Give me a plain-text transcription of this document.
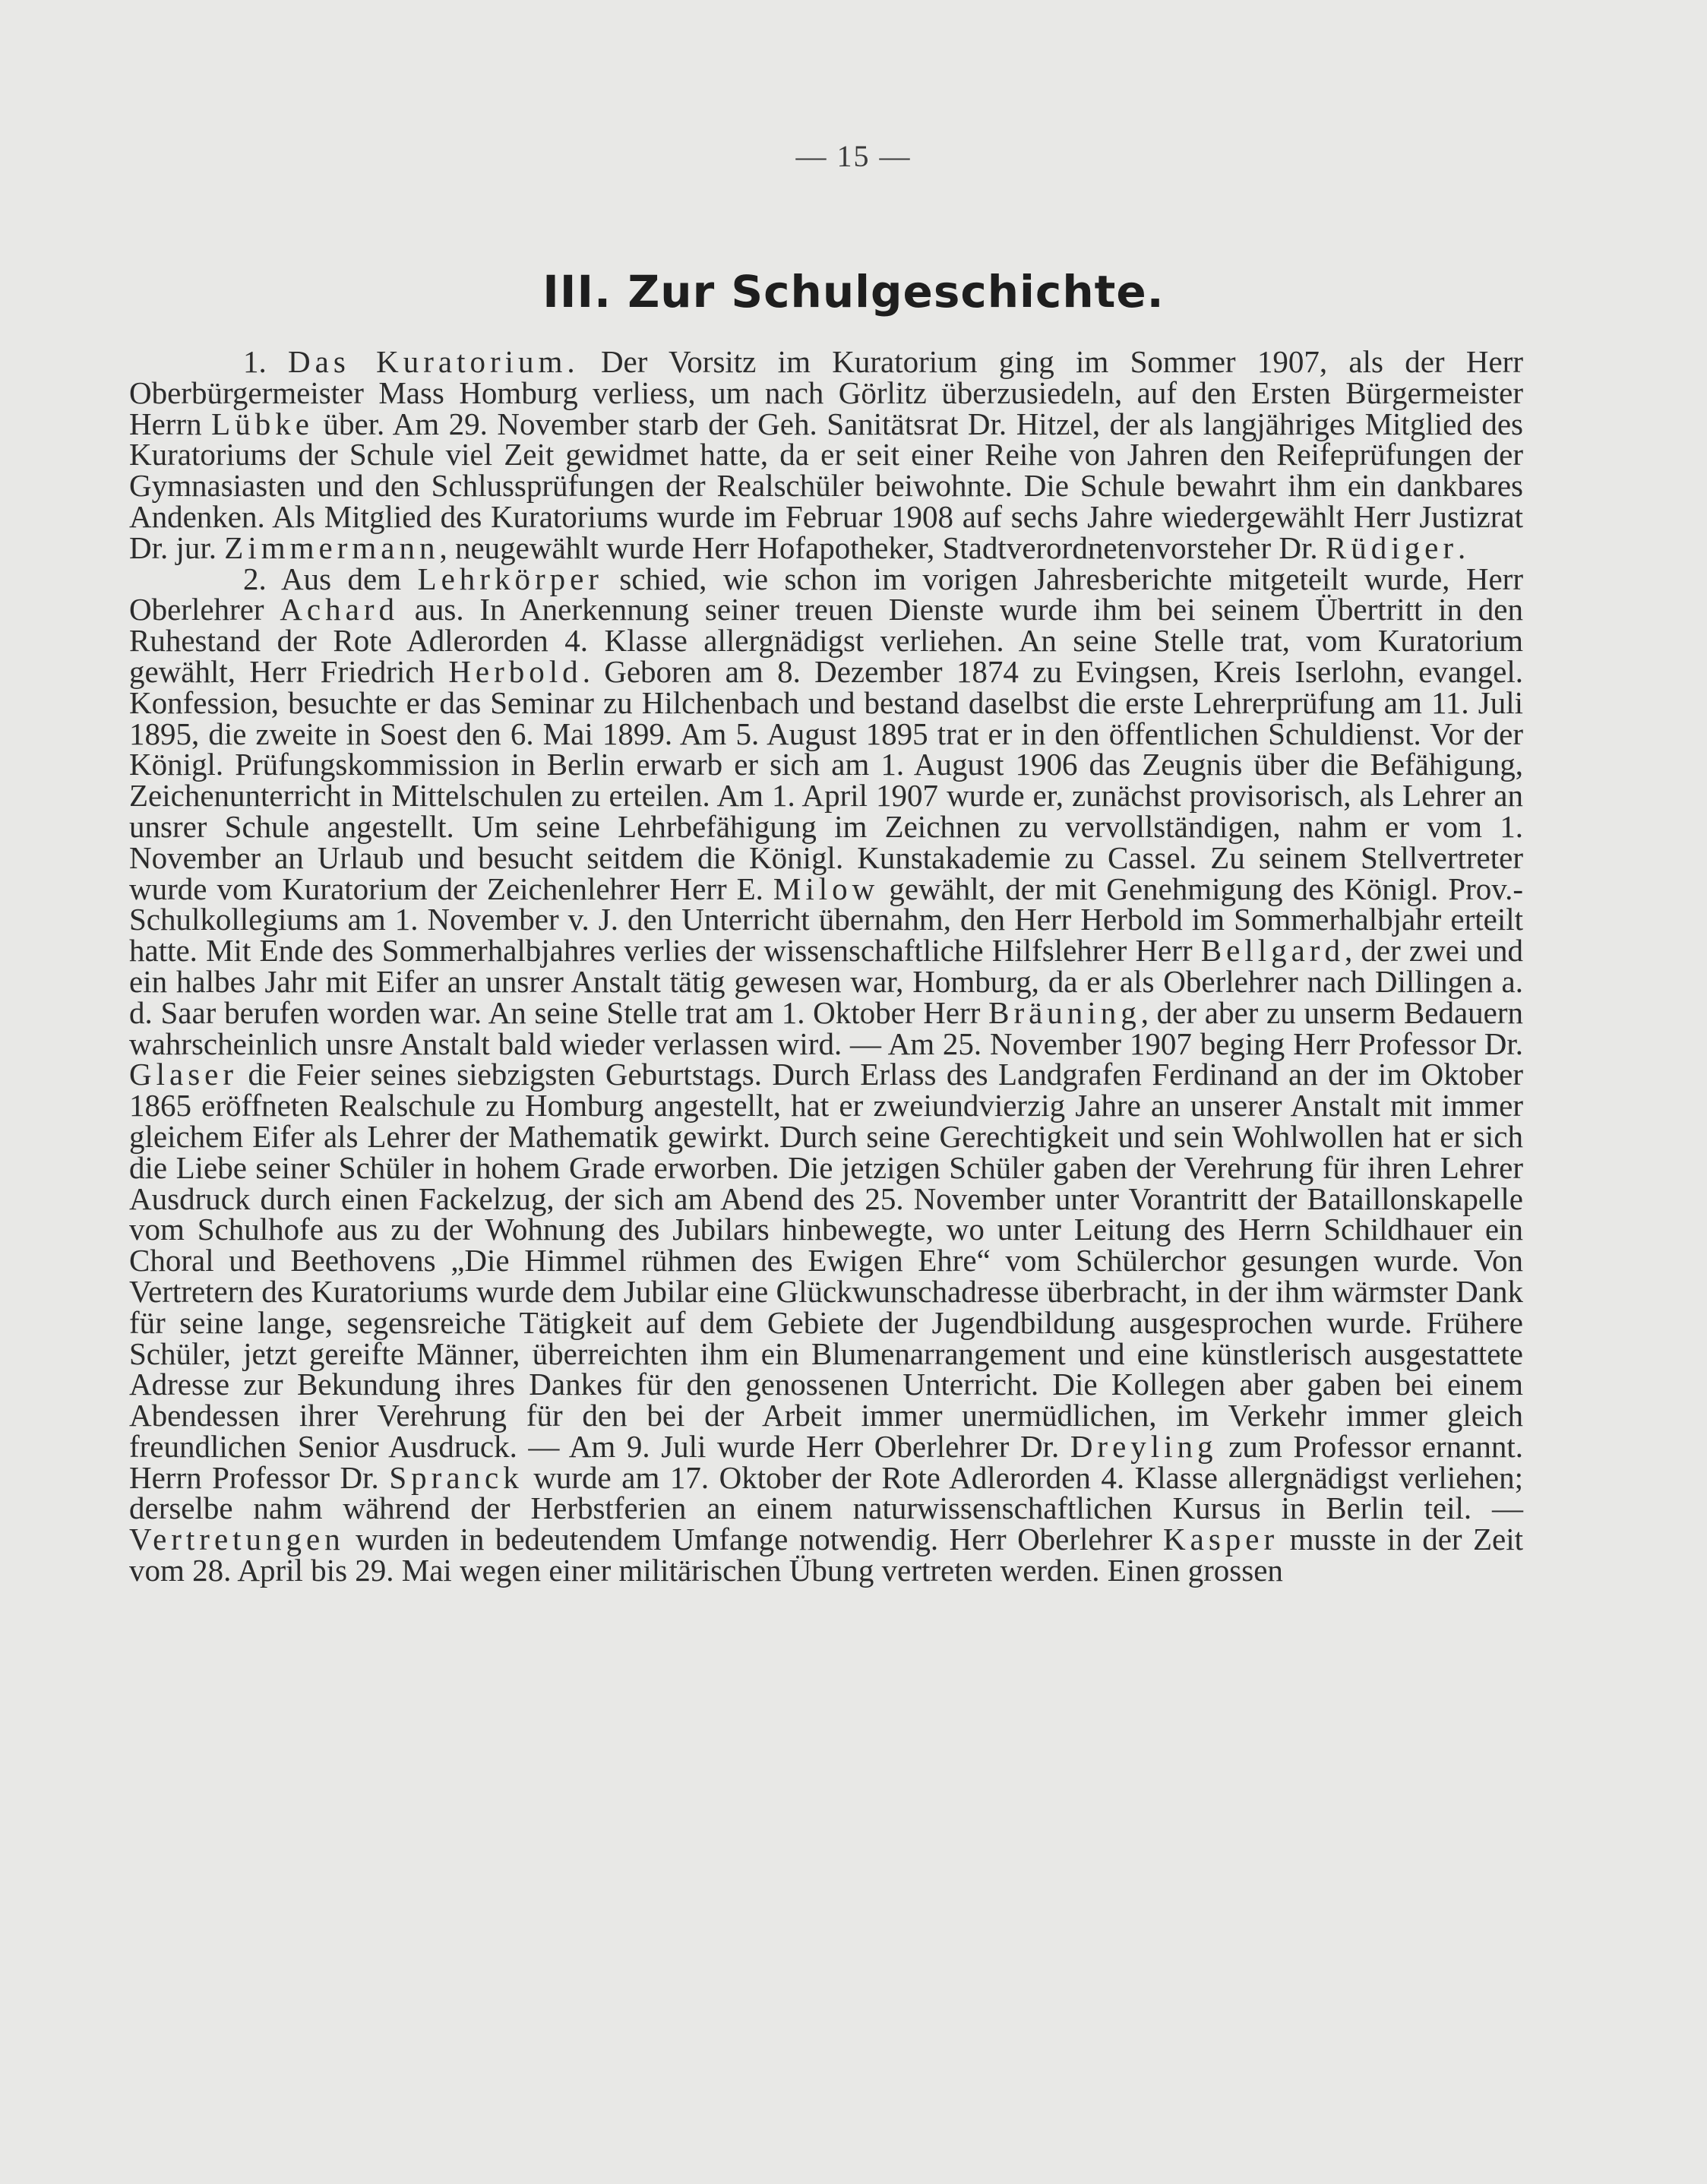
— 15 —
III. Zur Schulgeschichte.

1. Das Kuratorium. Der Vorsitz im Kuratorium ging im Sommer 1907, als der Herr Oberbürgermeister Mass Homburg verliess, um nach Görlitz überzusiedeln, auf den Ersten Bürgermeister Herrn Lübke über. Am 29. November starb der Geh. Sanitätsrat Dr. Hitzel, der als langjähriges Mitglied des Kuratoriums der Schule viel Zeit gewidmet hatte, da er seit einer Reihe von Jahren den Reifeprüfungen der Gymnasiasten und den Schlussprüfungen der Realschüler beiwohnte. Die Schule bewahrt ihm ein dankbares Andenken. Als Mitglied des Kuratoriums wurde im Februar 1908 auf sechs Jahre wiedergewählt Herr Justizrat Dr. jur. Zimmermann, neugewählt wurde Herr Hofapotheker, Stadtverordnetenvorsteher Dr. Rüdiger.

2. Aus dem Lehrkörper schied, wie schon im vorigen Jahresberichte mitgeteilt wurde, Herr Oberlehrer Achard aus. In Anerkennung seiner treuen Dienste wurde ihm bei seinem Übertritt in den Ruhestand der Rote Adlerorden 4. Klasse allergnädigst verliehen. An seine Stelle trat, vom Kuratorium gewählt, Herr Friedrich Herbold. Geboren am 8. Dezember 1874 zu Evingsen, Kreis Iserlohn, evangel. Konfession, besuchte er das Seminar zu Hilchenbach und bestand daselbst die erste Lehrerprüfung am 11. Juli 1895, die zweite in Soest den 6. Mai 1899. Am 5. August 1895 trat er in den öffentlichen Schuldienst. Vor der Königl. Prüfungskommission in Berlin erwarb er sich am 1. August 1906 das Zeugnis über die Befähigung, Zeichenunterricht in Mittelschulen zu erteilen. Am 1. April 1907 wurde er, zunächst provisorisch, als Lehrer an unsrer Schule angestellt. Um seine Lehrbefähigung im Zeichnen zu vervollständigen, nahm er vom 1. November an Urlaub und besucht seitdem die Königl. Kunstakademie zu Cassel. Zu seinem Stellvertreter wurde vom Kuratorium der Zeichenlehrer Herr E. Milow gewählt, der mit Genehmigung des Königl. Prov.-Schulkollegiums am 1. November v. J. den Unterricht übernahm, den Herr Herbold im Sommerhalbjahr erteilt hatte. Mit Ende des Sommerhalbjahres verlies der wissenschaftliche Hilfslehrer Herr Bellgard, der zwei und ein halbes Jahr mit Eifer an unsrer Anstalt tätig gewesen war, Homburg, da er als Oberlehrer nach Dillingen a. d. Saar berufen worden war. An seine Stelle trat am 1. Oktober Herr Bräuning, der aber zu unserm Bedauern wahrscheinlich unsre Anstalt bald wieder verlassen wird. — Am 25. November 1907 beging Herr Professor Dr. Glaser die Feier seines siebzigsten Geburtstags. Durch Erlass des Landgrafen Ferdinand an der im Oktober 1865 eröffneten Realschule zu Homburg angestellt, hat er zweiundvierzig Jahre an unserer Anstalt mit immer gleichem Eifer als Lehrer der Mathematik gewirkt. Durch seine Gerechtigkeit und sein Wohlwollen hat er sich die Liebe seiner Schüler in hohem Grade erworben. Die jetzigen Schüler gaben der Verehrung für ihren Lehrer Ausdruck durch einen Fackelzug, der sich am Abend des 25. November unter Vorantritt der Bataillonskapelle vom Schulhofe aus zu der Wohnung des Jubilars hinbewegte, wo unter Leitung des Herrn Schildhauer ein Choral und Beethovens „Die Himmel rühmen des Ewigen Ehre“ vom Schülerchor gesungen wurde. Von Vertretern des Kuratoriums wurde dem Jubilar eine Glückwunschadresse überbracht, in der ihm wärmster Dank für seine lange, segensreiche Tätigkeit auf dem Gebiete der Jugendbildung ausgesprochen wurde. Frühere Schüler, jetzt gereifte Männer, überreichten ihm ein Blumenarrangement und eine künstlerisch ausgestattete Adresse zur Bekundung ihres Dankes für den genossenen Unterricht. Die Kollegen aber gaben bei einem Abendessen ihrer Verehrung für den bei der Arbeit immer unermüdlichen, im Verkehr immer gleich freundlichen Senior Ausdruck. — Am 9. Juli wurde Herr Oberlehrer Dr. Dreyling zum Professor ernannt. Herrn Professor Dr. Spranck wurde am 17. Oktober der Rote Adlerorden 4. Klasse allergnädigst verliehen; derselbe nahm während der Herbstferien an einem naturwissenschaftlichen Kursus in Berlin teil. — Vertretungen wurden in bedeutendem Umfange notwendig. Herr Oberlehrer Kasper musste in der Zeit vom 28. April bis 29. Mai wegen einer militärischen Übung vertreten werden. Einen grossen
